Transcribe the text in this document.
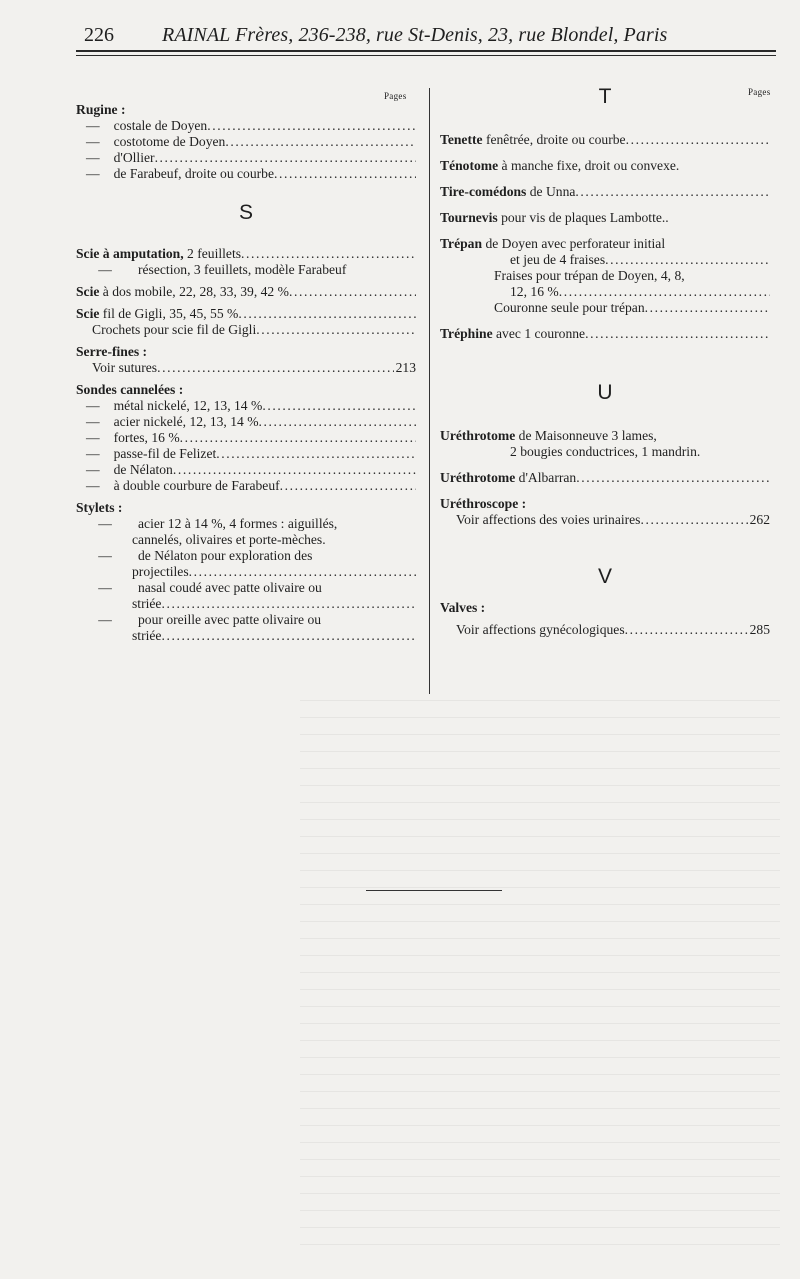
226 RAINAL Frères, 236-238, rue St-Denis, 23, rue Blondel, Paris
Pages	Pages
Rugine :
—	costale de Doyen
.....
—	costotome de Doyen
.....
—	d'Ollier
.....
—	de Farabeuf, droite ou courbe
.....
S
Scie à amputation, 2 feuillets
.....
—	résection, 3 feuillets, modèle Farabeuf
Scie à dos mobile, 22, 28, 33, 39, 42 %
.....
Scie fil de Gigli, 35, 45, 55 %
.....
Crochets pour scie fil de Gigli
.....
Serre-fines :
Voir sutures .....	213
Sondes cannelées :
—	métal nickelé, 12, 13, 14 %
.....
—	acier nickelé, 12, 13, 14 %
.....
—	fortes, 16 %
.....
—	passe-fil de Felizet
.....
—	de Nélaton
.....
—	à double courbure de Farabeuf
.....
Stylets :
—	acier 12 à 14 %, 4 formes : aiguillés,
cannelés, olivaires et porte-mèches.
—	de Nélaton pour exploration des
projectiles
.....
—	nasal coudé avec patte olivaire ou
striée
.....
—	pour oreille avec patte olivaire ou
striée
.....
T
Tenette fenêtrée, droite ou courbe
.....
Ténotome à manche fixe, droit ou convexe.
Tire-comédons de Unna
.....
Tournevis pour vis de plaques Lambotte..
Trépan de Doyen avec perforateur initial
et jeu de 4 fraises
.....
Fraises pour trépan de Doyen, 4, 8,
12, 16 %
.....
Couronne seule pour trépan
.....
Tréphine avec 1 couronne
.....
U
Uréthrotome de Maisonneuve 3 lames,
2 bougies conductrices, 1 mandrin.
Uréthrotome d'Albarran
.....
Uréthroscope :
Voir affections des voies urinaires .....	262
V
Valves :
Voir affections gynécologiques .....	285
